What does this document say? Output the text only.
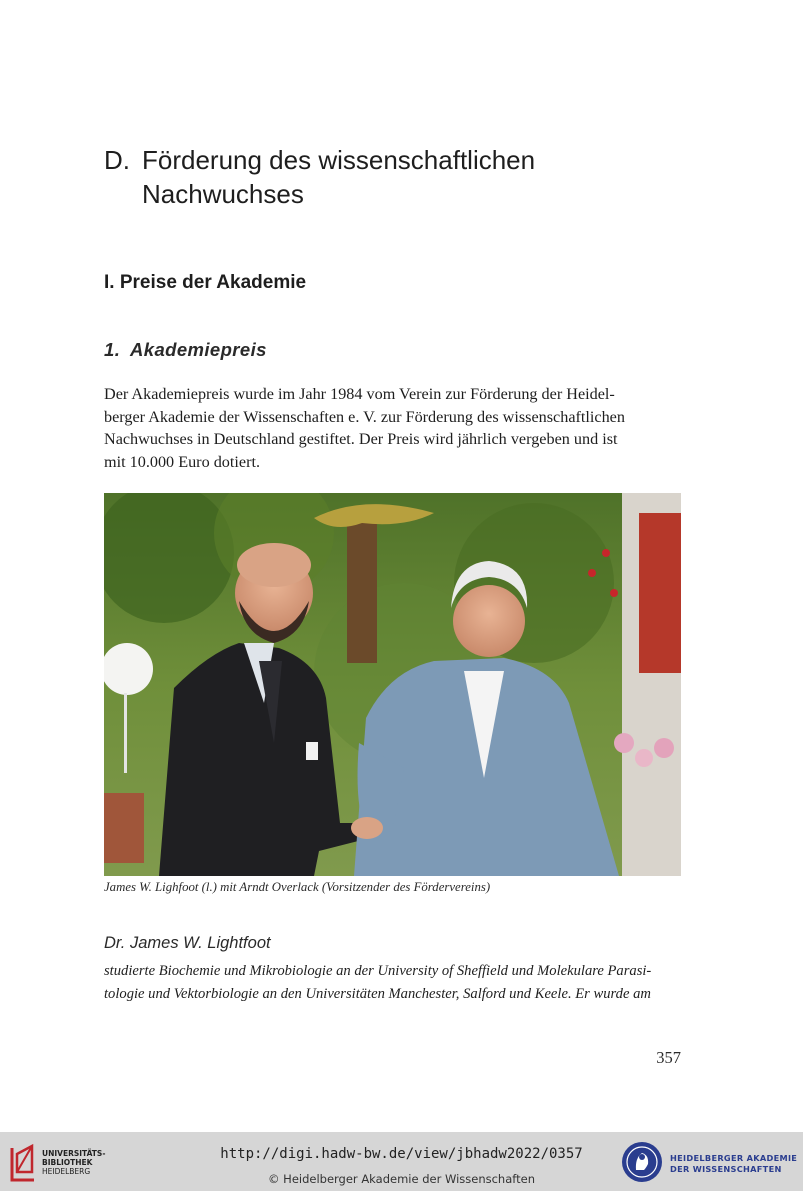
D. Förderung des wissenschaftlichen
Nachwuchses
I. Preise der Akademie
1. Akademiepreis
Der Akademiepreis wurde im Jahr 1984 vom Verein zur Förderung der Heidel-
berger Akademie der Wissenschaften e. V. zur Förderung des wissenschaftlichen
Nachwuchses in Deutschland gestiftet. Der Preis wird jährlich vergeben und ist
mit 10.000 Euro dotiert.
James W. Lighfoot (l.) mit Arndt Overlack (Vorsitzender des Fördervereins)
Dr. James W. Lightfoot
studierte Biochemie und Mikrobiologie an der University of Sheffield und Molekulare Parasi-
tologie und Vektorbiologie an den Universitäten Manchester, Salford und Keele. Er wurde am
357
UNIVERSITÄTS-
BIBLIOTHEK
HEIDELBERG
http://digi.hadw-bw.de/view/jbhadw2022/0357
© Heidelberger Akademie der Wissenschaften
HEIDELBERGER AKADEMIE
DER WISSENSCHAFTEN
